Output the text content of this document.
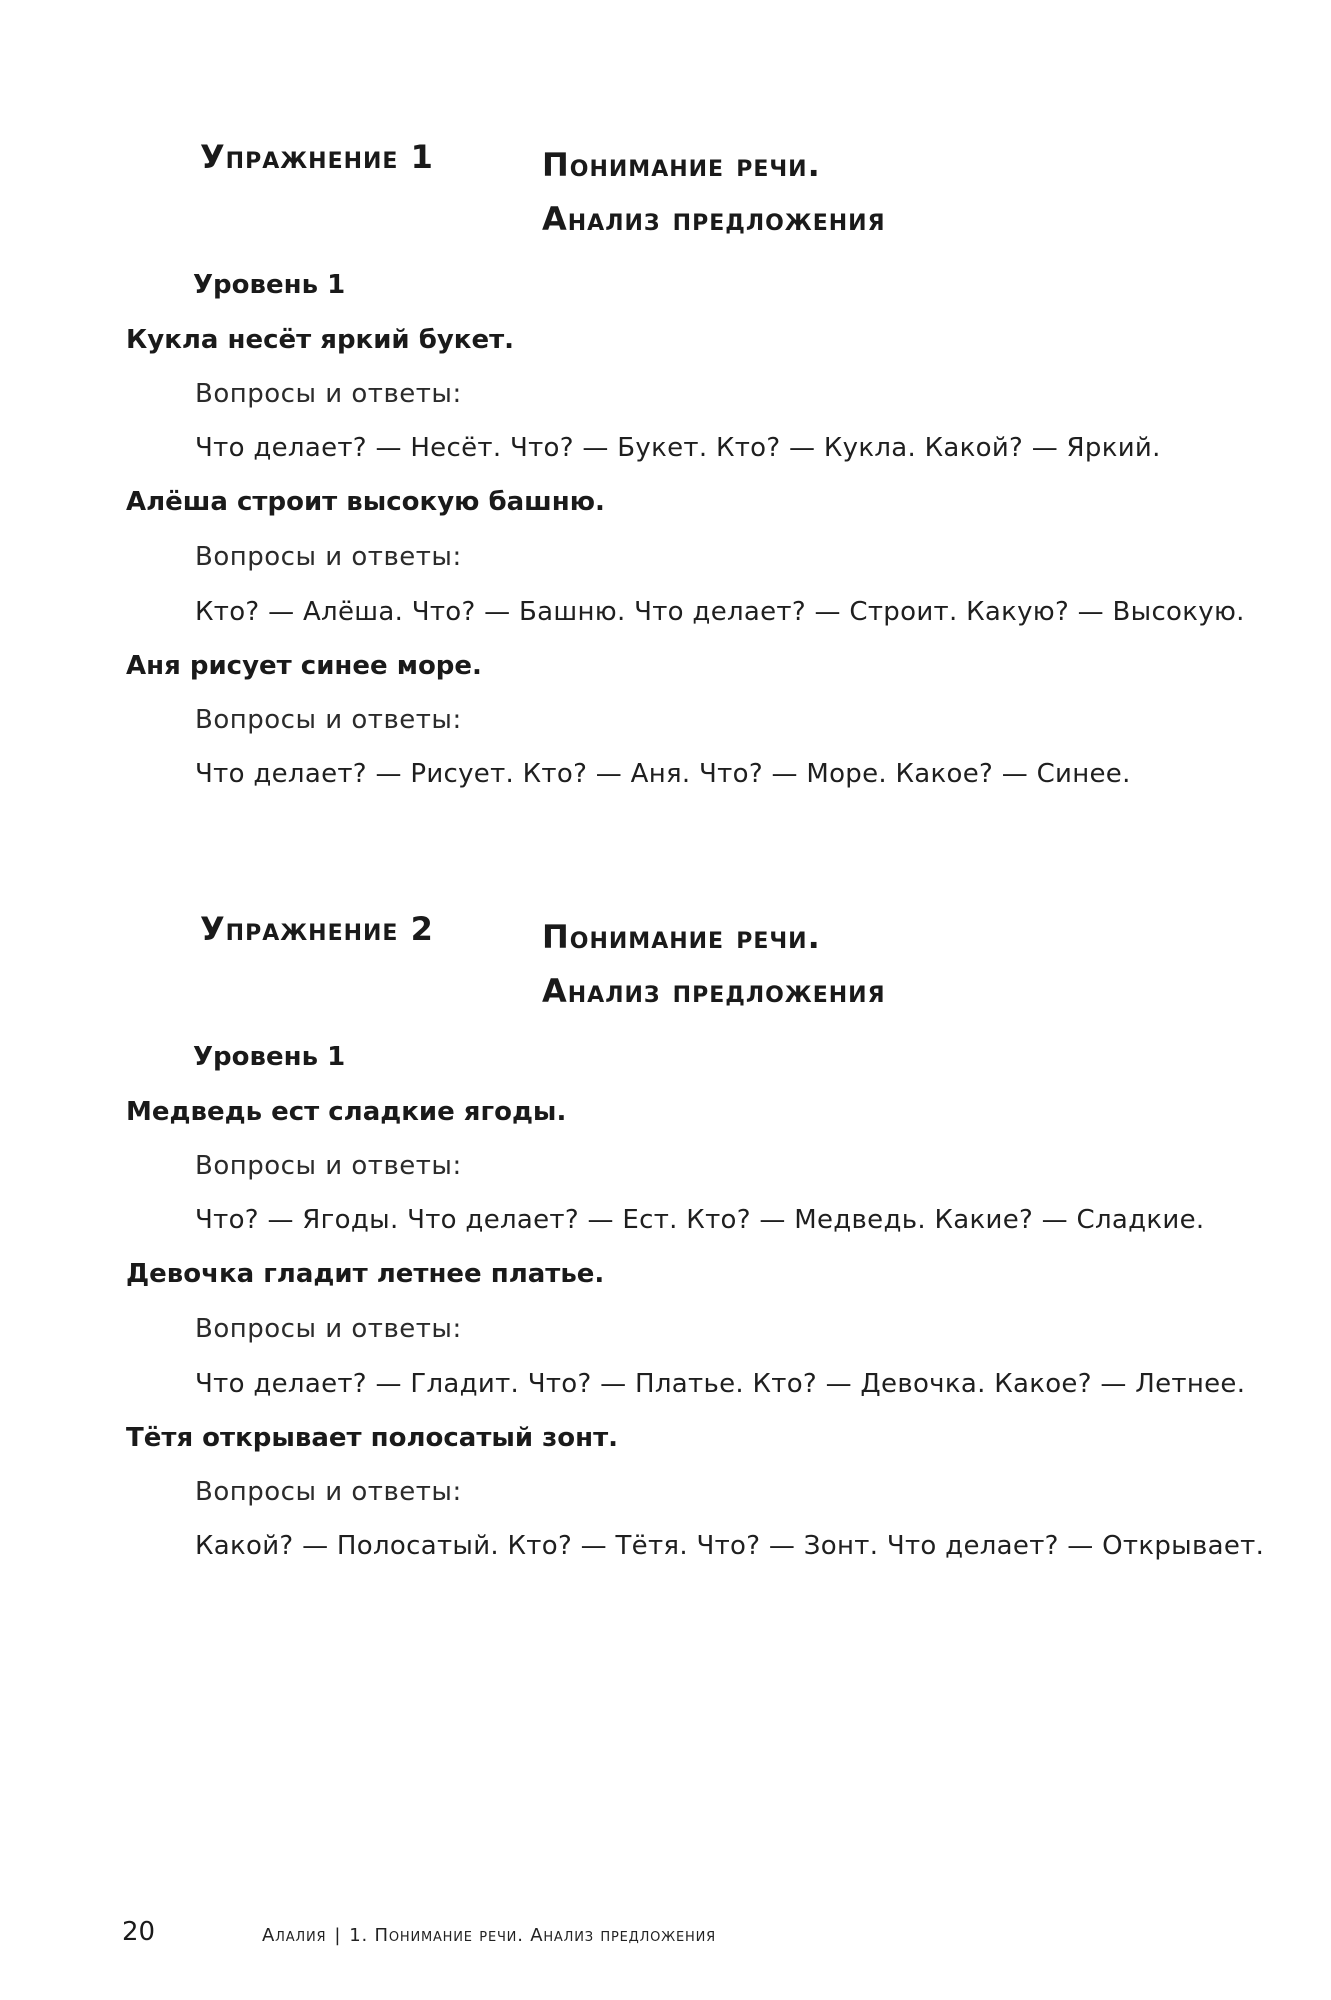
Упражнение 1	Понимание речи.
Анализ предложения
Уровень 1
Кукла несёт яркий букет.
Вопросы и ответы:
Что делает? — Несёт. Что? — Букет. Кто? — Кукла. Какой? — Яркий.
Алёша строит высокую башню.
Вопросы и ответы:
Кто? — Алёша. Что? — Башню. Что делает? — Строит. Какую? — Высокую.
Аня рисует синее море.
Вопросы и ответы:
Что делает? — Рисует. Кто? — Аня. Что? — Море. Какое? — Синее.
Упражнение 2	Понимание речи.
Анализ предложения
Уровень 1
Медведь ест сладкие ягоды.
Вопросы и ответы:
Что? — Ягоды. Что делает? — Ест. Кто? — Медведь. Какие? — Сладкие.
Девочка гладит летнее платье.
Вопросы и ответы:
Что делает? — Гладит. Что? — Платье. Кто? — Девочка. Какое? — Летнее.
Тётя открывает полосатый зонт.
Вопросы и ответы:
Какой? — Полосатый. Кто? — Тётя. Что? — Зонт. Что делает? — Открывает.
20	Алалия | 1. Понимание речи. Анализ предложения
